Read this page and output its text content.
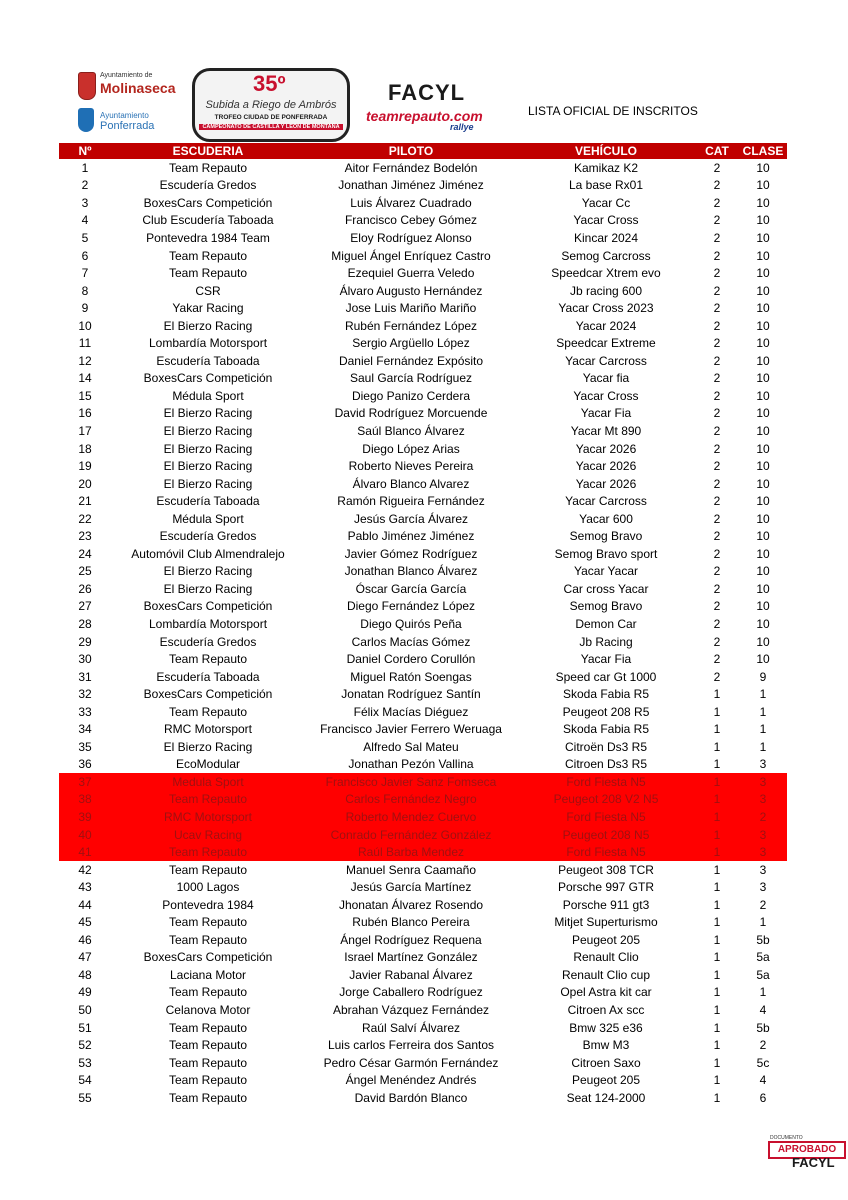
Ayuntamiento de
Molinaseca
Ayuntamiento
Ponferrada
35º
Subida a Riego de Ambrós
TROFEO CIUDAD DE PONFERRADA
CAMPEONATO DE CASTILLA Y LEÓN DE MONTAÑA
FACYL
teamrepauto.com
rallye
LISTA OFICIAL DE INSCRITOS
Nº	ESCUDERIA	PILOTO	VEHÍCULO	CAT	CLASE
1	Team Repauto	Aitor Fernández Bodelón	Kamikaz K2	2	10
2	Escudería Gredos	Jonathan Jiménez Jiménez	La base Rx01	2	10
3	BoxesCars Competición	Luis Álvarez Cuadrado	Yacar Cc	2	10
4	Club Escudería Taboada	Francisco Cebey Gómez	Yacar Cross	2	10
5	Pontevedra 1984 Team	Eloy Rodríguez Alonso	Kincar 2024	2	10
6	Team Repauto	Miguel Ángel Enríquez Castro	Semog Carcross	2	10
7	Team Repauto	Ezequiel Guerra Veledo	Speedcar Xtrem evo	2	10
8	CSR	Álvaro Augusto Hernández	Jb racing 600	2	10
9	Yakar Racing	Jose Luis Mariño Mariño	Yacar Cross 2023	2	10
10	El Bierzo Racing	Rubén Fernández López	Yacar 2024	2	10
11	Lombardía Motorsport	Sergio Argüello López	Speedcar Extreme	2	10
12	Escudería Taboada	Daniel Fernández Expósito	Yacar Carcross	2	10
14	BoxesCars Competición	Saul García Rodríguez	Yacar fia	2	10
15	Médula Sport	Diego Panizo Cerdera	Yacar Cross	2	10
16	El Bierzo Racing	David Rodríguez Morcuende	Yacar Fia	2	10
17	El Bierzo Racing	Saúl Blanco Álvarez	Yacar Mt 890	2	10
18	El Bierzo Racing	Diego López Arias	Yacar 2026	2	10
19	El Bierzo Racing	Roberto Nieves Pereira	Yacar 2026	2	10
20	El Bierzo Racing	Álvaro Blanco Alvarez	Yacar 2026	2	10
21	Escudería Taboada	Ramón Rigueira Fernández	Yacar Carcross	2	10
22	Médula Sport	Jesús García Álvarez	Yacar 600	2	10
23	Escudería Gredos	Pablo Jiménez Jiménez	Semog Bravo	2	10
24	Automóvil Club Almendralejo	Javier Gómez Rodríguez	Semog Bravo sport	2	10
25	El Bierzo Racing	Jonathan Blanco Álvarez	Yacar Yacar	2	10
26	El Bierzo Racing	Óscar García García	Car cross Yacar	2	10
27	BoxesCars Competición	Diego Fernández López	Semog Bravo	2	10
28	Lombardía Motorsport	Diego Quirós Peña	Demon Car	2	10
29	Escudería Gredos	Carlos Macías Gómez	Jb Racing	2	10
30	Team Repauto	Daniel Cordero Corullón	Yacar Fia	2	10
31	Escudería Taboada	Miguel Ratón Soengas	Speed car Gt 1000	2	9
32	BoxesCars Competición	Jonatan Rodríguez Santín	Skoda Fabia R5	1	1
33	Team Repauto	Félix Macías Diéguez	Peugeot 208 R5	1	1
34	RMC Motorsport	Francisco Javier Ferrero Weruaga	Skoda Fabia R5	1	1
35	El Bierzo Racing	Alfredo Sal Mateu	Citroën Ds3 R5	1	1
36	EcoModular	Jonathan Pezón Vallina	Citroen Ds3 R5	1	3
37	Medula Sport	Francisco Javier Sanz Fomseca	Ford Fiesta N5	1	3
38	Team Repauto	Carlos Fernández Negro	Peugeot 208 V2 N5	1	3
39	RMC Motorsport	Roberto Mendez Cuervo	Ford Fiesta N5	1	2
40	Ucav Racing	Conrado Fernández González	Peugeot 208 N5	1	3
41	Team Repauto	Raúl Barba Mendez	Ford Fiesta N5	1	3
42	Team Repauto	Manuel Senra Caamaño	Peugeot 308 TCR	1	3
43	1000 Lagos	Jesús García Martínez	Porsche 997 GTR	1	3
44	Pontevedra 1984	Jhonatan Álvarez Rosendo	Porsche 911 gt3	1	2
45	Team Repauto	Rubén Blanco Pereira	Mitjet Superturismo	1	1
46	Team Repauto	Ángel Rodríguez Requena	Peugeot 205	1	5b
47	BoxesCars Competición	Israel Martínez González	Renault Clio	1	5a
48	Laciana Motor	Javier Rabanal Álvarez	Renault Clio cup	1	5a
49	Team Repauto	Jorge Caballero Rodríguez	Opel Astra kit car	1	1
50	Celanova Motor	Abrahan Vázquez Fernández	Citroen Ax scc	1	4
51	Team Repauto	Raúl Salví Álvarez	Bmw 325 e36	1	5b
52	Team Repauto	Luis carlos Ferreira dos Santos	Bmw M3	1	2
53	Team Repauto	Pedro César Garmón Fernández	Citroen Saxo	1	5c
54	Team Repauto	Ángel Menéndez Andrés	Peugeot 205	1	4
55	Team Repauto	David Bardón Blanco	Seat 124-2000	1	6
DOCUMENTO
APROBADO
FACYL
